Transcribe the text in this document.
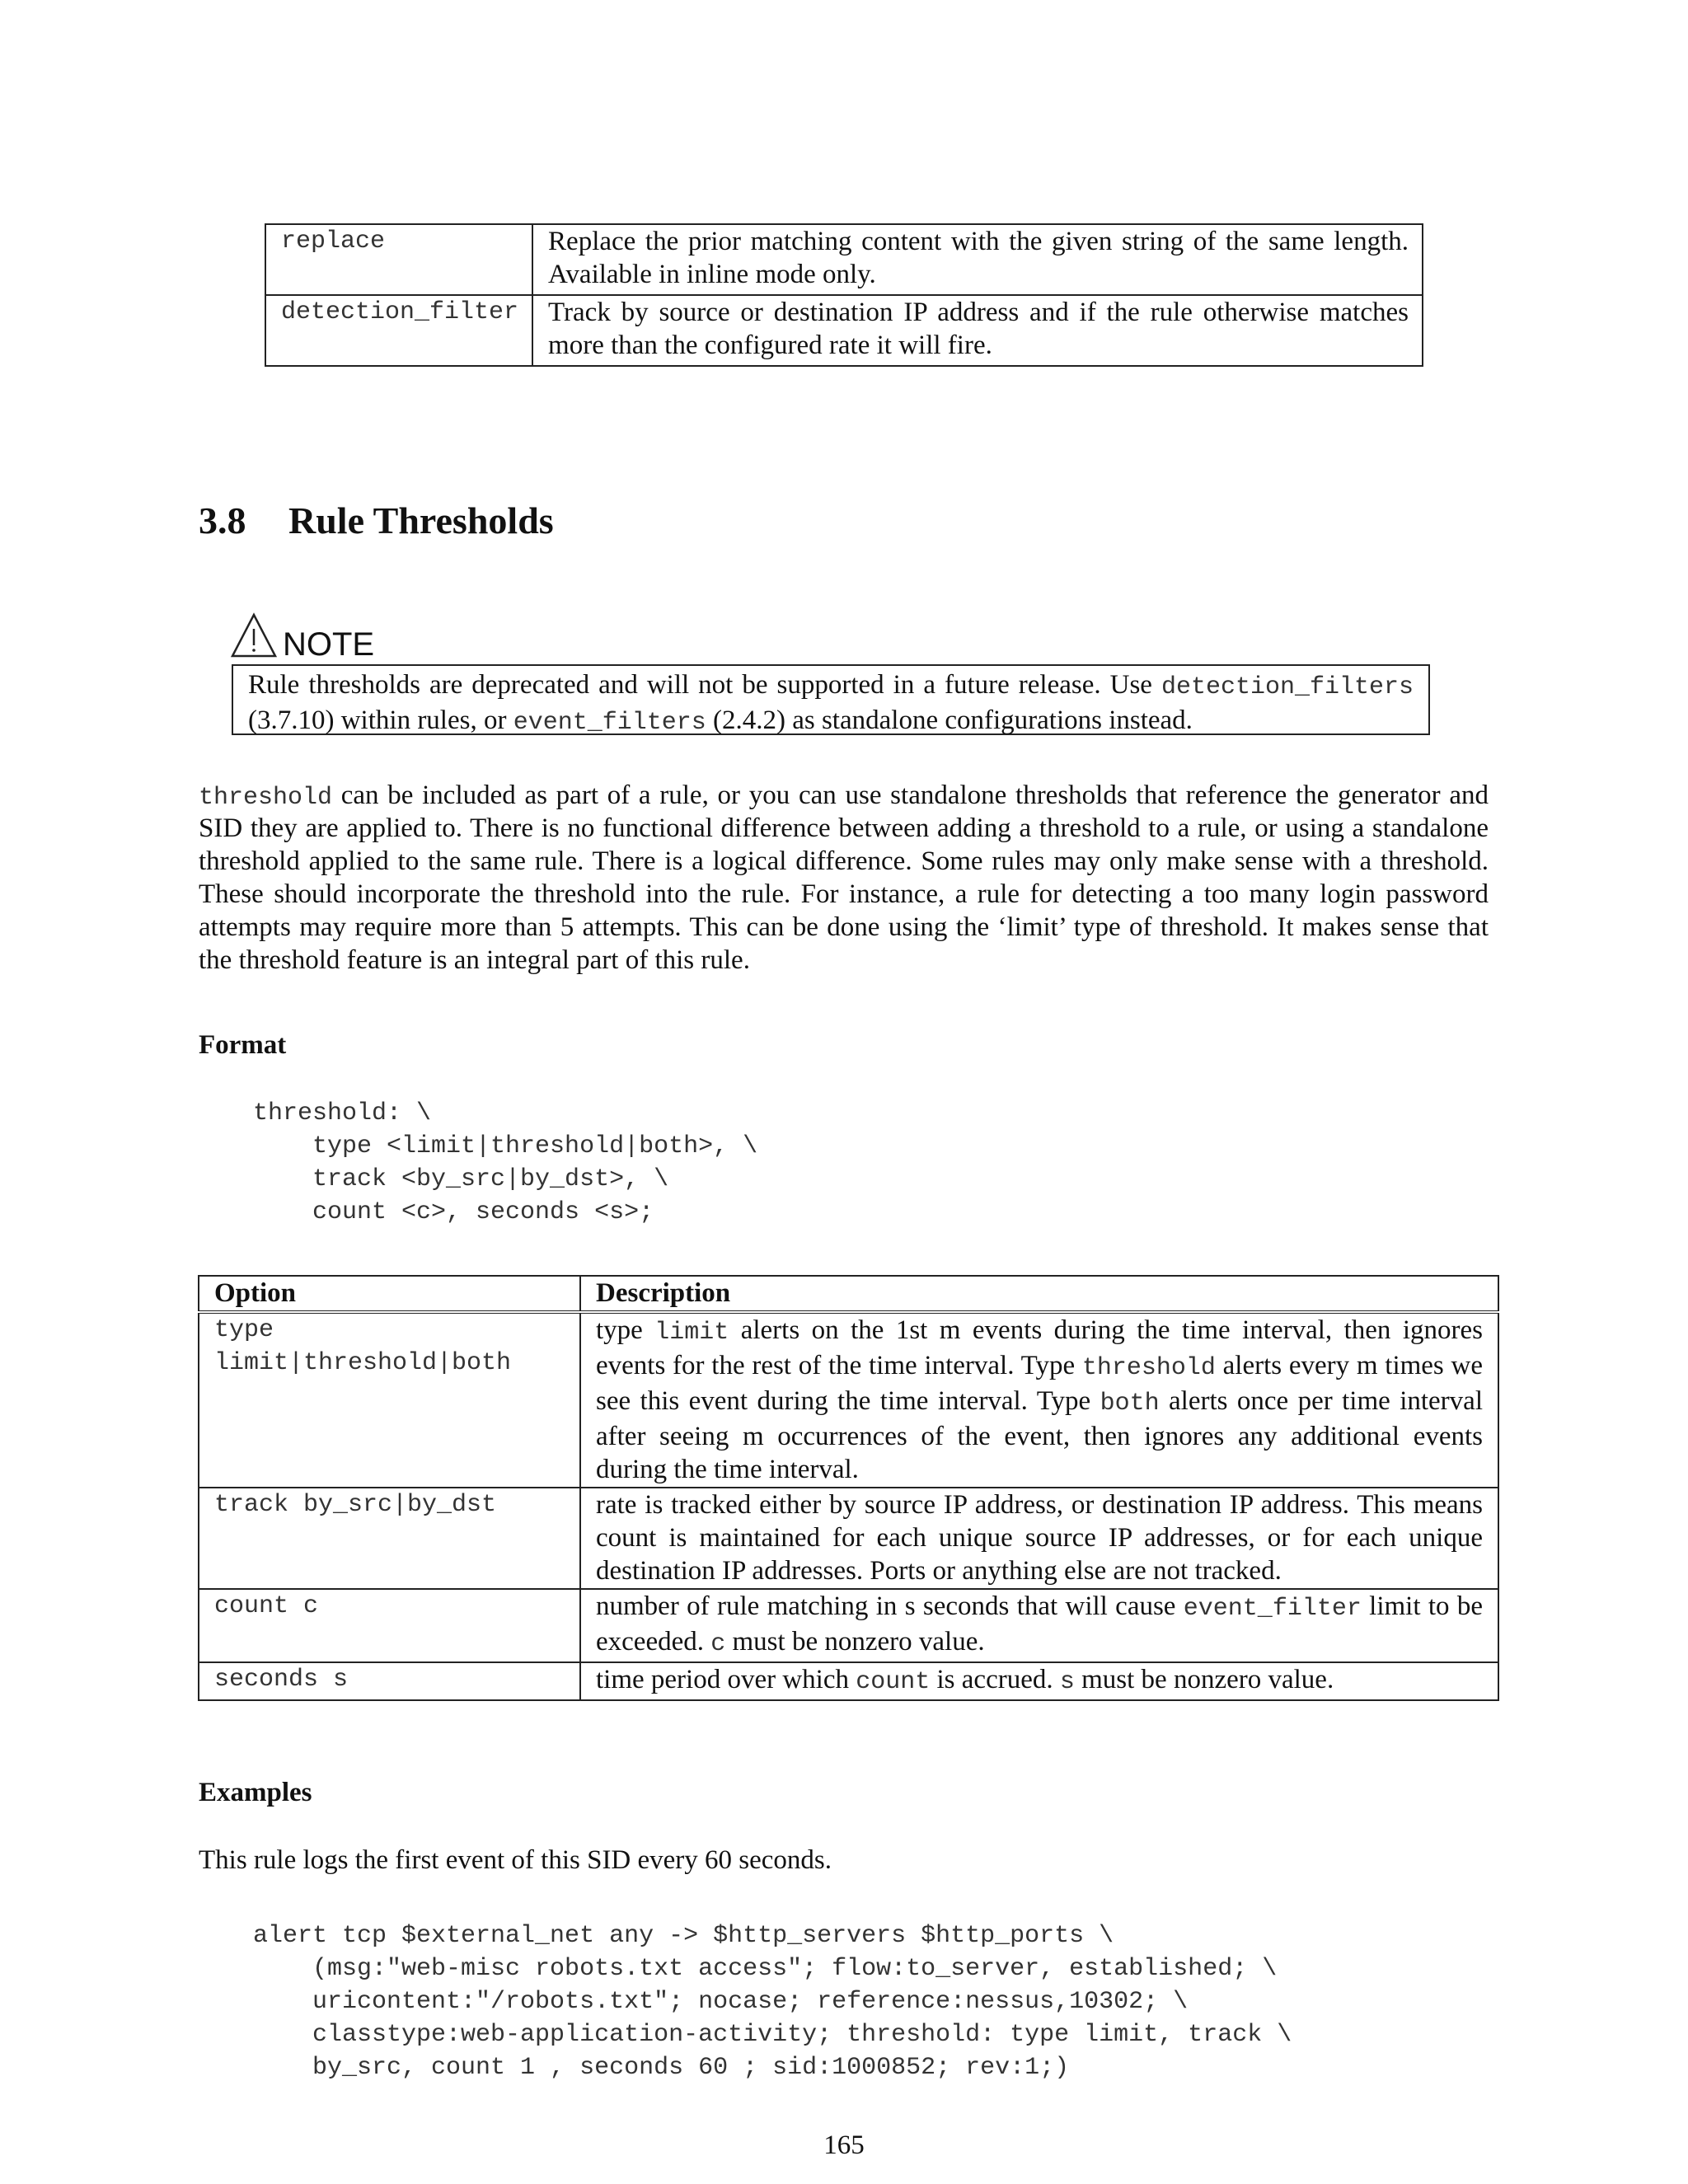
replace	Replace the prior matching content with the given string of the same length. Available in inline mode only.
detection_filter	Track by source or destination IP address and if the rule otherwise matches more than the configured rate it will fire.
3.8 Rule Thresholds
NOTE
Rule thresholds are deprecated and will not be supported in a future release. Use detection_filters (3.7.10) within rules, or event_filters (2.4.2) as standalone configurations instead.
threshold can be included as part of a rule, or you can use standalone thresholds that reference the generator and
SID they are applied to. There is no functional difference between adding a threshold to a rule, or using a standalone
threshold applied to the same rule. There is a logical difference. Some rules may only make sense with a threshold.
These should incorporate the threshold into the rule. For instance, a rule for detecting a too many login password
attempts may require more than 5 attempts. This can be done using the ‘limit’ type of threshold. It makes sense that
the threshold feature is an integral part of this rule.
Format
threshold: \
type <limit|threshold|both>, \
track <by_src|by_dst>, \
count <c>, seconds <s>;
Option	Description
type limit|threshold|both	type limit alerts on the 1st m events during the time interval, then ignores events for the rest of the time interval. Type threshold alerts every m times we see this event during the time interval. Type both alerts once per time interval after seeing m occurrences of the event, then ignores any additional events during the time interval.
track by_src|by_dst	rate is tracked either by source IP address, or destination IP address. This means count is maintained for each unique source IP addresses, or for each unique destination IP addresses. Ports or anything else are not tracked.
count c	number of rule matching in s seconds that will cause event_filter limit to be exceeded. c must be nonzero value.
seconds s	time period over which count is accrued. s must be nonzero value.
Examples
This rule logs the first event of this SID every 60 seconds.
alert tcp $external_net any -> $http_servers $http_ports \
(msg:"web-misc robots.txt access"; flow:to_server, established; \
uricontent:"/robots.txt"; nocase; reference:nessus,10302; \
classtype:web-application-activity; threshold: type limit, track \
by_src, count 1 , seconds 60 ; sid:1000852; rev:1;)
165
